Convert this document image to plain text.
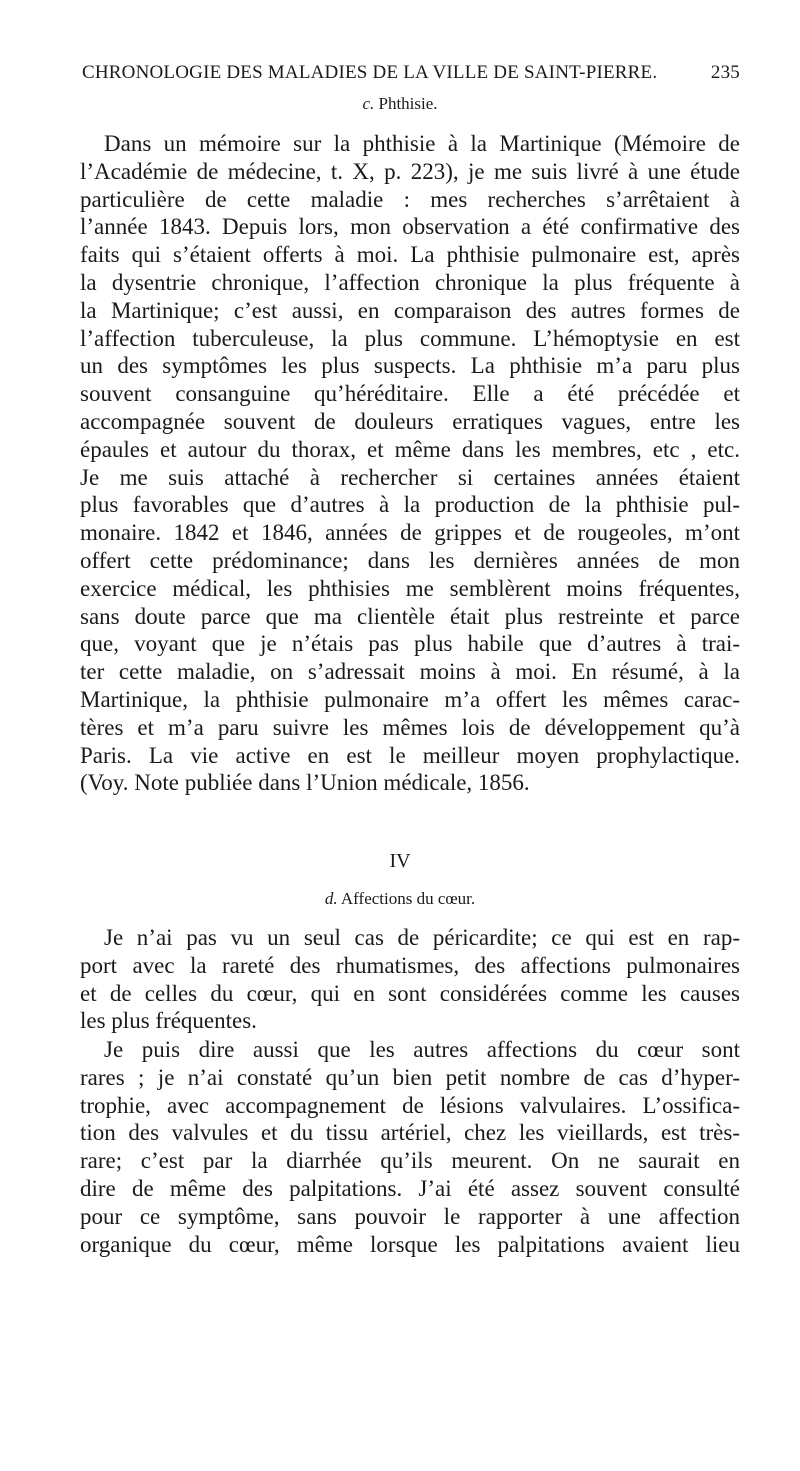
CHRONOLOGIE DES MALADIES DE LA VILLE DE SAINT-PIERRE.	235
c. Phthisie.
Dans un mémoire sur la phthisie à la Martinique (Mémoire de
l’Académie de médecine, t. X, p. 223), je me suis livré à une étude
particulière de cette maladie : mes recherches s’arrêtaient à
l’année 1843. Depuis lors, mon observation a été confirmative des
faits qui s’étaient offerts à moi. La phthisie pulmonaire est, après
la dysentrie chronique, l’affection chronique la plus fréquente à
la Martinique; c’est aussi, en comparaison des autres formes de
l’affection tuberculeuse, la plus commune. L’hémoptysie en est
un des symptômes les plus suspects. La phthisie m’a paru plus
souvent consanguine qu’héréditaire. Elle a été précédée et
accompagnée souvent de douleurs erratiques vagues, entre les
épaules et autour du thorax, et même dans les membres, etc , etc.
Je me suis attaché à rechercher si certaines années étaient
plus favorables que d’autres à la production de la phthisie pul-
monaire. 1842 et 1846, années de grippes et de rougeoles, m’ont
offert cette prédominance; dans les dernières années de mon
exercice médical, les phthisies me semblèrent moins fréquentes,
sans doute parce que ma clientèle était plus restreinte et parce
que, voyant que je n’étais pas plus habile que d’autres à trai-
ter cette maladie, on s’adressait moins à moi. En résumé, à la
Martinique, la phthisie pulmonaire m’a offert les mêmes carac-
tères et m’a paru suivre les mêmes lois de développement qu’à
Paris. La vie active en est le meilleur moyen prophylactique.
(Voy. Note publiée dans l’Union médicale, 1856.
IV
d. Affections du cœur.
Je n’ai pas vu un seul cas de péricardite; ce qui est en rap-
port avec la rareté des rhumatismes, des affections pulmonaires
et de celles du cœur, qui en sont considérées comme les causes
les plus fréquentes.
Je puis dire aussi que les autres affections du cœur sont
rares ; je n’ai constaté qu’un bien petit nombre de cas d’hyper-
trophie, avec accompagnement de lésions valvulaires. L’ossifica-
tion des valvules et du tissu artériel, chez les vieillards, est très-
rare; c’est par la diarrhée qu’ils meurent. On ne saurait en
dire de même des palpitations. J’ai été assez souvent consulté
pour ce symptôme, sans pouvoir le rapporter à une affection
organique du cœur, même lorsque les palpitations avaient lieu
